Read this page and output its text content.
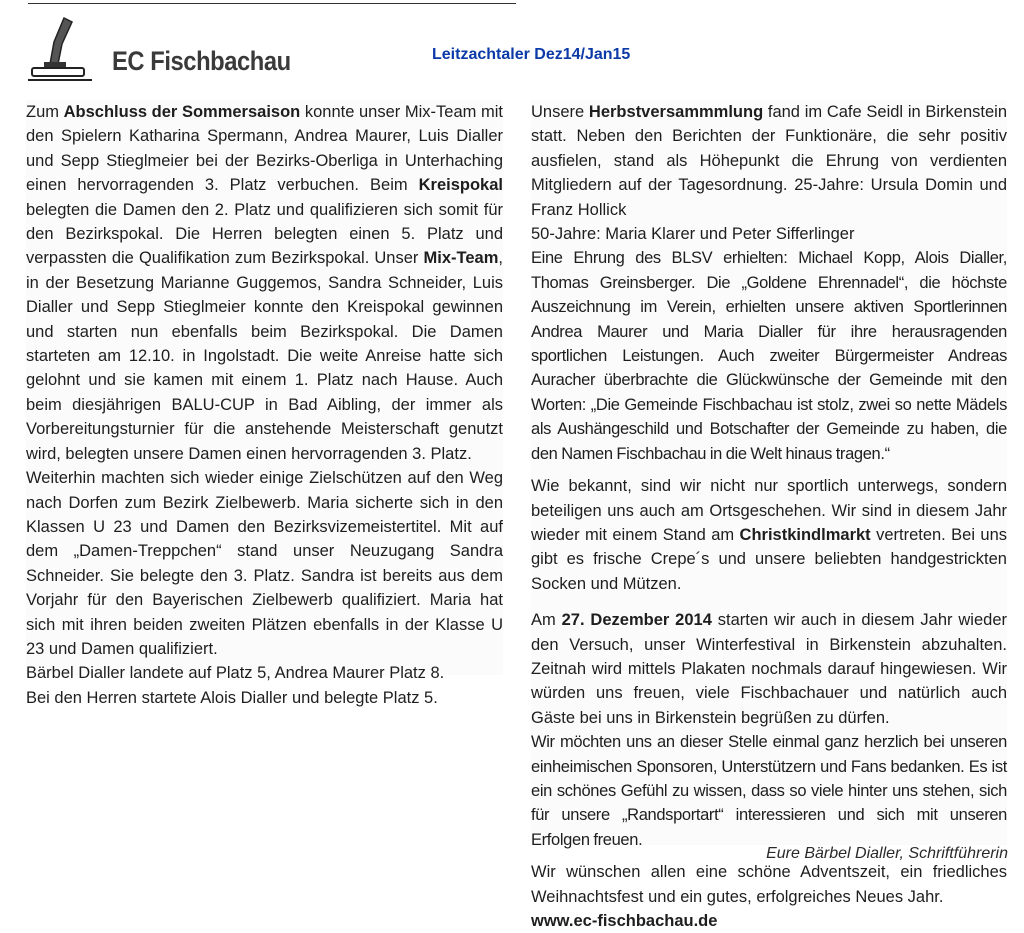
EC Fischbachau	Leitzachtaler Dez14/Jan15

Zum Abschluss der Sommersaison konnte unser Mix-Team mit den Spielern Katharina Spermann, Andrea Maurer, Luis Dialler und Sepp Stieglmeier bei der Bezirks-Oberliga in Unterhaching einen hervorragenden 3. Platz verbuchen. Beim Kreispokal belegten die Damen den 2. Platz und qualifizieren sich somit für den Bezirkspokal. Die Herren belegten einen 5. Platz und verpassten die Qualifikation zum Bezirkspokal. Unser Mix-Team, in der Besetzung Marianne Guggemos, Sandra Schneider, Luis Dialler und Sepp Stieglmeier konnte den Kreispokal gewinnen und starten nun ebenfalls beim Bezirkspokal. Die Damen starteten am 12.10. in Ingolstadt. Die weite Anreise hatte sich gelohnt und sie kamen mit einem 1. Platz nach Hause. Auch beim diesjährigen BALU-CUP in Bad Aibling, der immer als Vorbereitungsturnier für die anstehende Meisterschaft genutzt wird, belegten unsere Damen einen hervorragenden 3. Platz.

Weiterhin machten sich wieder einige Zielschützen auf den Weg nach Dorfen zum Bezirk Zielbewerb. Maria sicherte sich in den Klassen U 23 und Damen den Bezirksvizemeistertitel. Mit auf dem „Damen-Treppchen“ stand unser Neuzugang Sandra Schneider. Sie belegte den 3. Platz. Sandra ist bereits aus dem Vorjahr für den Bayerischen Zielbewerb qualifiziert. Maria hat sich mit ihren beiden zweiten Plätzen ebenfalls in der Klasse U 23 und Damen qualifiziert.

Bärbel Dialler landete auf Platz 5, Andrea Maurer Platz 8.

Bei den Herren startete Alois Dialler und belegte Platz 5.

Unsere Herbstversammmlung fand im Cafe Seidl in Birkenstein statt. Neben den Berichten der Funktionäre, die sehr positiv ausfielen, stand als Höhepunkt die Ehrung von verdienten Mitgliedern auf der Tagesordnung. 25-Jahre: Ursula Domin und Franz Hollick

50-Jahre: Maria Klarer und Peter Sifferlinger

Eine Ehrung des BLSV erhielten: Michael Kopp, Alois Dialler, Thomas Greinsberger. Die „Goldene Ehrennadel“, die höchste Auszeichnung im Verein, erhielten unsere aktiven Sportlerinnen Andrea Maurer und Maria Dialler für ihre herausragenden sportlichen Leistungen. Auch zweiter Bürgermeister Andreas Auracher überbrachte die Glückwünsche der Gemeinde mit den Worten: „Die Gemeinde Fischbachau ist stolz, zwei so nette Mädels als Aushängeschild und Botschafter der Gemeinde zu haben, die den Namen Fischbachau in die Welt hinaus tragen.“

Wie bekannt, sind wir nicht nur sportlich unterwegs, sondern beteiligen uns auch am Ortsgeschehen. Wir sind in diesem Jahr wieder mit einem Stand am Christkindlmarkt vertreten. Bei uns gibt es frische Crepe´s und unsere beliebten handgestrickten Socken und Mützen.

Am 27. Dezember 2014 starten wir auch in diesem Jahr wieder den Versuch, unser Winterfestival in Birkenstein abzuhalten. Zeitnah wird mittels Plakaten nochmals darauf hingewiesen. Wir würden uns freuen, viele Fischbachauer und natürlich auch Gäste bei uns in Birkenstein begrüßen zu dürfen.

Wir möchten uns an dieser Stelle einmal ganz herzlich bei unseren einheimischen Sponsoren, Unterstützern und Fans bedanken. Es ist ein schönes Gefühl zu wissen, dass so viele hinter uns stehen, sich für unsere „Randsportart“ interessieren und sich mit unseren Erfolgen freuen.

Wir wünschen allen eine schöne Adventszeit, ein friedliches Weihnachtsfest und ein gutes, erfolgreiches Neues Jahr.

www.ec-fischbachau.de

Eure Bärbel Dialler, Schriftführerin
